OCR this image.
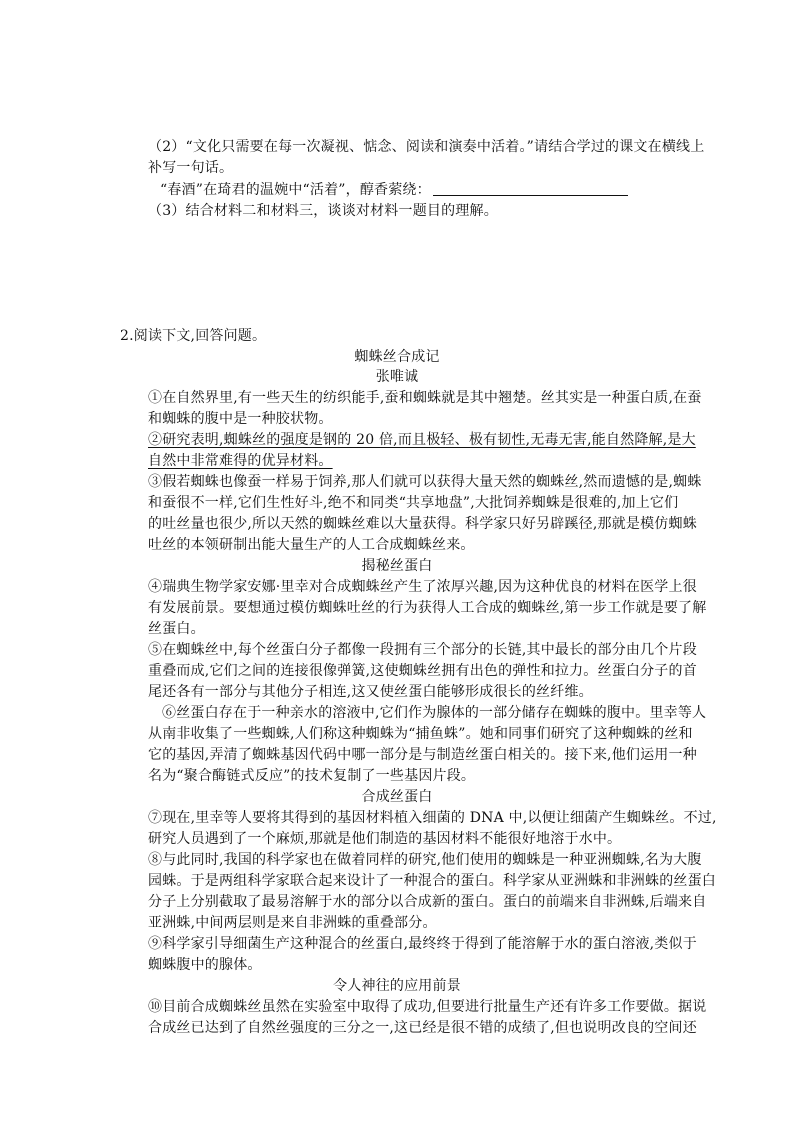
（2）“文化只需要在每一次凝视、惦念、阅读和演奏中活着。”请结合学过的课文在横线上
补写一句话。
“春酒”在琦君的温婉中“活着”，醇香萦绕：
（3）结合材料二和材料三，谈谈对材料一题目的理解。
2.阅读下文,回答问题。
蜘蛛丝合成记
张唯诚
①在自然界里,有一些天生的纺织能手,蚕和蜘蛛就是其中翘楚。丝其实是一种蛋白质,在蚕
和蜘蛛的腹中是一种胶状物。
②研究表明,蜘蛛丝的强度是钢的 20 倍,而且极轻、极有韧性,无毒无害,能自然降解,是大
自然中非常难得的优异材料。
③假若蜘蛛也像蚕一样易于饲养,那人们就可以获得大量天然的蜘蛛丝,然而遗憾的是,蜘蛛
和蚕很不一样,它们生性好斗,绝不和同类“共享地盘”,大批饲养蜘蛛是很难的,加上它们
的吐丝量也很少,所以天然的蜘蛛丝难以大量获得。科学家只好另辟蹊径,那就是模仿蜘蛛
吐丝的本领研制出能大量生产的人工合成蜘蛛丝来。
揭秘丝蛋白
④瑞典生物学家安娜·里幸对合成蜘蛛丝产生了浓厚兴趣,因为这种优良的材料在医学上很
有发展前景。要想通过模仿蜘蛛吐丝的行为获得人工合成的蜘蛛丝,第一步工作就是要了解
丝蛋白。
⑤在蜘蛛丝中,每个丝蛋白分子都像一段拥有三个部分的长链,其中最长的部分由几个片段
重叠而成,它们之间的连接很像弹簧,这使蜘蛛丝拥有出色的弹性和拉力。丝蛋白分子的首
尾还各有一部分与其他分子相连,这又使丝蛋白能够形成很长的丝纤维。
⑥丝蛋白存在于一种亲水的溶液中,它们作为腺体的一部分储存在蜘蛛的腹中。里幸等人
从南非收集了一些蜘蛛,人们称这种蜘蛛为“捕鱼蛛”。她和同事们研究了这种蜘蛛的丝和
它的基因,弄清了蜘蛛基因代码中哪一部分是与制造丝蛋白相关的。接下来,他们运用一种
名为“聚合酶链式反应”的技术复制了一些基因片段。
合成丝蛋白
⑦现在,里幸等人要将其得到的基因材料植入细菌的 DNA 中,以便让细菌产生蜘蛛丝。不过,
研究人员遇到了一个麻烦,那就是他们制造的基因材料不能很好地溶于水中。
⑧与此同时,我国的科学家也在做着同样的研究,他们使用的蜘蛛是一种亚洲蜘蛛,名为大腹
园蛛。于是两组科学家联合起来设计了一种混合的蛋白。科学家从亚洲蛛和非洲蛛的丝蛋白
分子上分别截取了最易溶解于水的部分以合成新的蛋白。蛋白的前端来自非洲蛛,后端来自
亚洲蛛,中间两层则是来自非洲蛛的重叠部分。
⑨科学家引导细菌生产这种混合的丝蛋白,最终终于得到了能溶解于水的蛋白溶液,类似于
蜘蛛腹中的腺体。
令人神往的应用前景
⑩目前合成蜘蛛丝虽然在实验室中取得了成功,但要进行批量生产还有许多工作要做。据说
合成丝已达到了自然丝强度的三分之一,这已经是很不错的成绩了,但也说明改良的空间还
